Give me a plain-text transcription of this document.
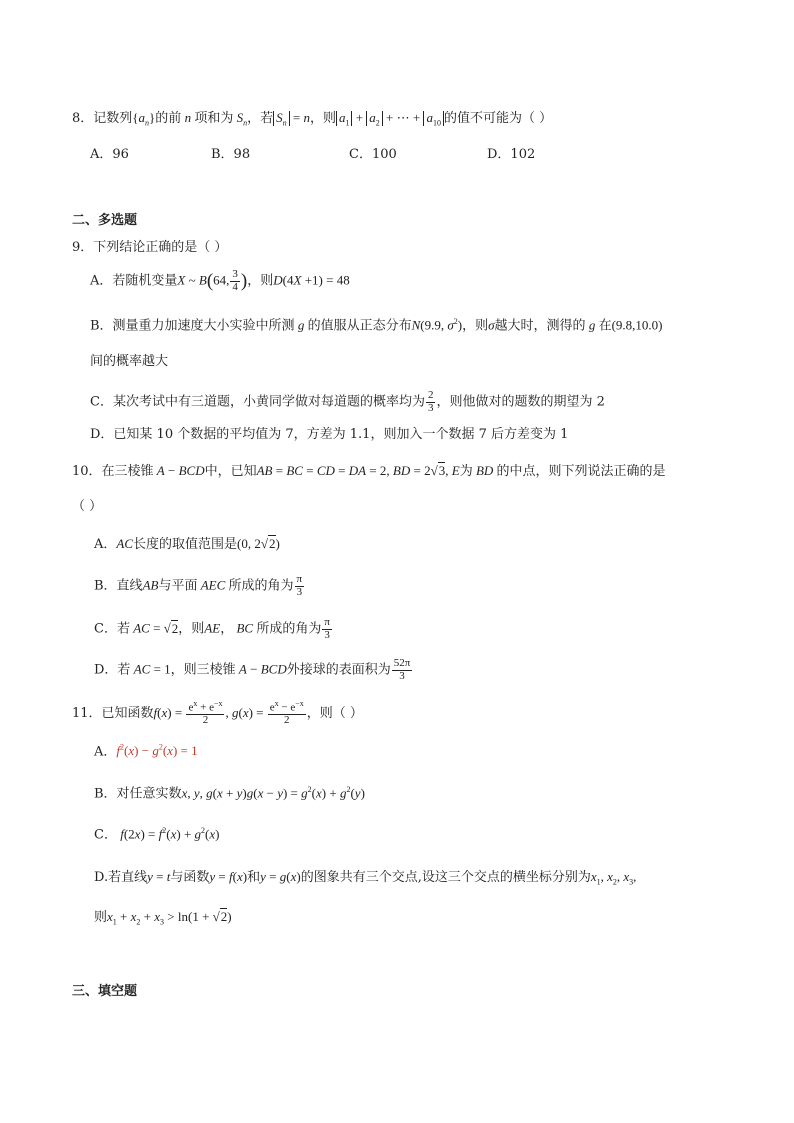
8．记数列$\{a_n\}$的前 n 项和为 $S_n$，若 $S_n = n$，则 $a_1 + a_2$ + ⋯ + $a_{10}$ 的值不可能为（ ）
A．96	B．98	C．100	D．102
二、多选题
9．下列结论正确的是（ ）
A．若随机变量X ~ B(64, $\frac{3}{4}$ )，则D(4X +1) = 48
B．测量重力加速度大小实验中所测 g 的值服从正态分布N(9.9, $\sigma^2$)，则σ越大时，测得的 g 在(9.8,10.0)
间的概率越大
C．某次考试中有三道题，小黄同学做对每道题的概率均为 $\frac{2}{3}$ ，则他做对的题数的期望为 2
D．已知某 10 个数据的平均值为 7，方差为 1.1，则加入一个数据 7 后方差变为 1
10．在三棱锥 A − BCD中，已知AB = BC = CD = DA = 2, BD = 2√3, E为 BD 的中点，则下列说法正确的是
（ ）
A．AC长度的取值范围是(0, 2√2)
B．直线AB与平面 AEC 所成的角为 $\frac{\pi}{3}$
C．若 AC = √2，则AE， BC 所成的角为 $\frac{\pi}{3}$
D．若 AC = 1，则三棱锥 A − BCD外接球的表面积为 $\frac{52\pi}{3}$
11．已知函数$f(x) = \frac{e^x + e^{-x}}{2}$ , $g(x) = \frac{e^x - e^{-x}}{2}$ ，则（ ）
A．$f^2(x) - g^2(x) = 1$
B．对任意实数x, y, $g(x + y)g(x - y) = g^2(x) + g^2(y)$
C． $f(2x) = f^2(x) + g^2(x)$
D.若直线y = t与函数y = f(x)和y = g(x)的图象共有三个交点,设这三个交点的横坐标分别为$x_1$, $x_2$, $x_3$,
则$x_1 + x_2 + x_3 > \ln(1 + √2)$
三、填空题
